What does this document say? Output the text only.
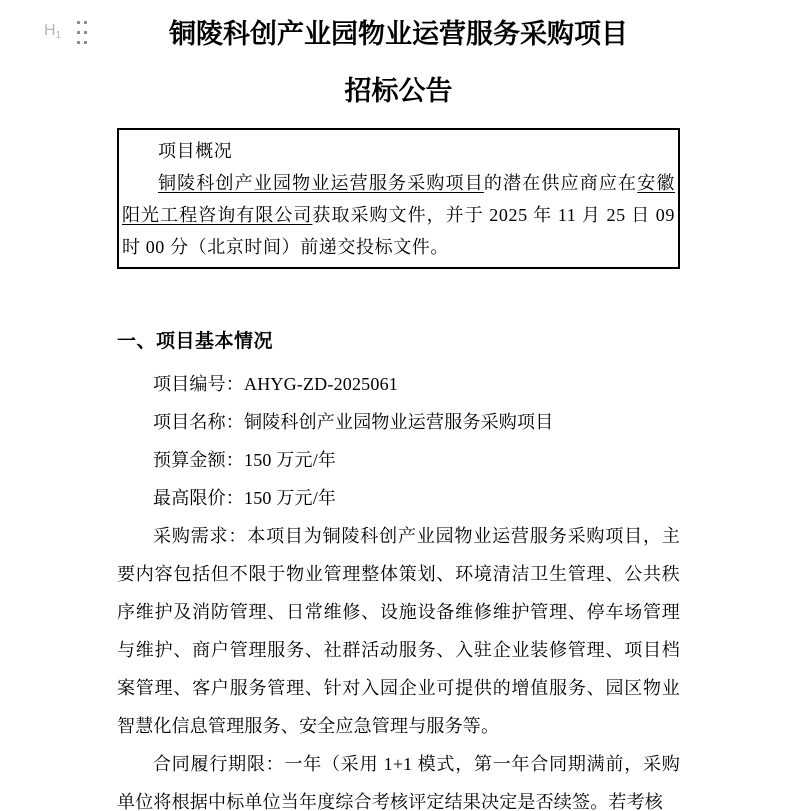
H1	铜陵科创产业园物业运营服务采购项目
招标公告

项目概况

铜陵科创产业园物业运营服务采购项目的潜在供应商应在安徽阳光工程咨询有限公司获取采购文件，并于 2025 年 11 月 25 日 09 时 00 分（北京时间）前递交投标文件。

一、项目基本情况

项目编号：AHYG-ZD-2025061

项目名称：铜陵科创产业园物业运营服务采购项目

预算金额：150 万元/年

最高限价：150 万元/年

采购需求：本项目为铜陵科创产业园物业运营服务采购项目，主要内容包括但不限于物业管理整体策划、环境清洁卫生管理、公共秩序维护及消防管理、日常维修、设施设备维修维护管理、停车场管理与维护、商户管理服务、社群活动服务、入驻企业装修管理、项目档案管理、客户服务管理、针对入园企业可提供的增值服务、园区物业智慧化信息管理服务、安全应急管理与服务等。

合同履行期限：一年（采用 1+1 模式，第一年合同期满前，采购单位将根据中标单位当年度综合考核评定结果决定是否续签。若考核
